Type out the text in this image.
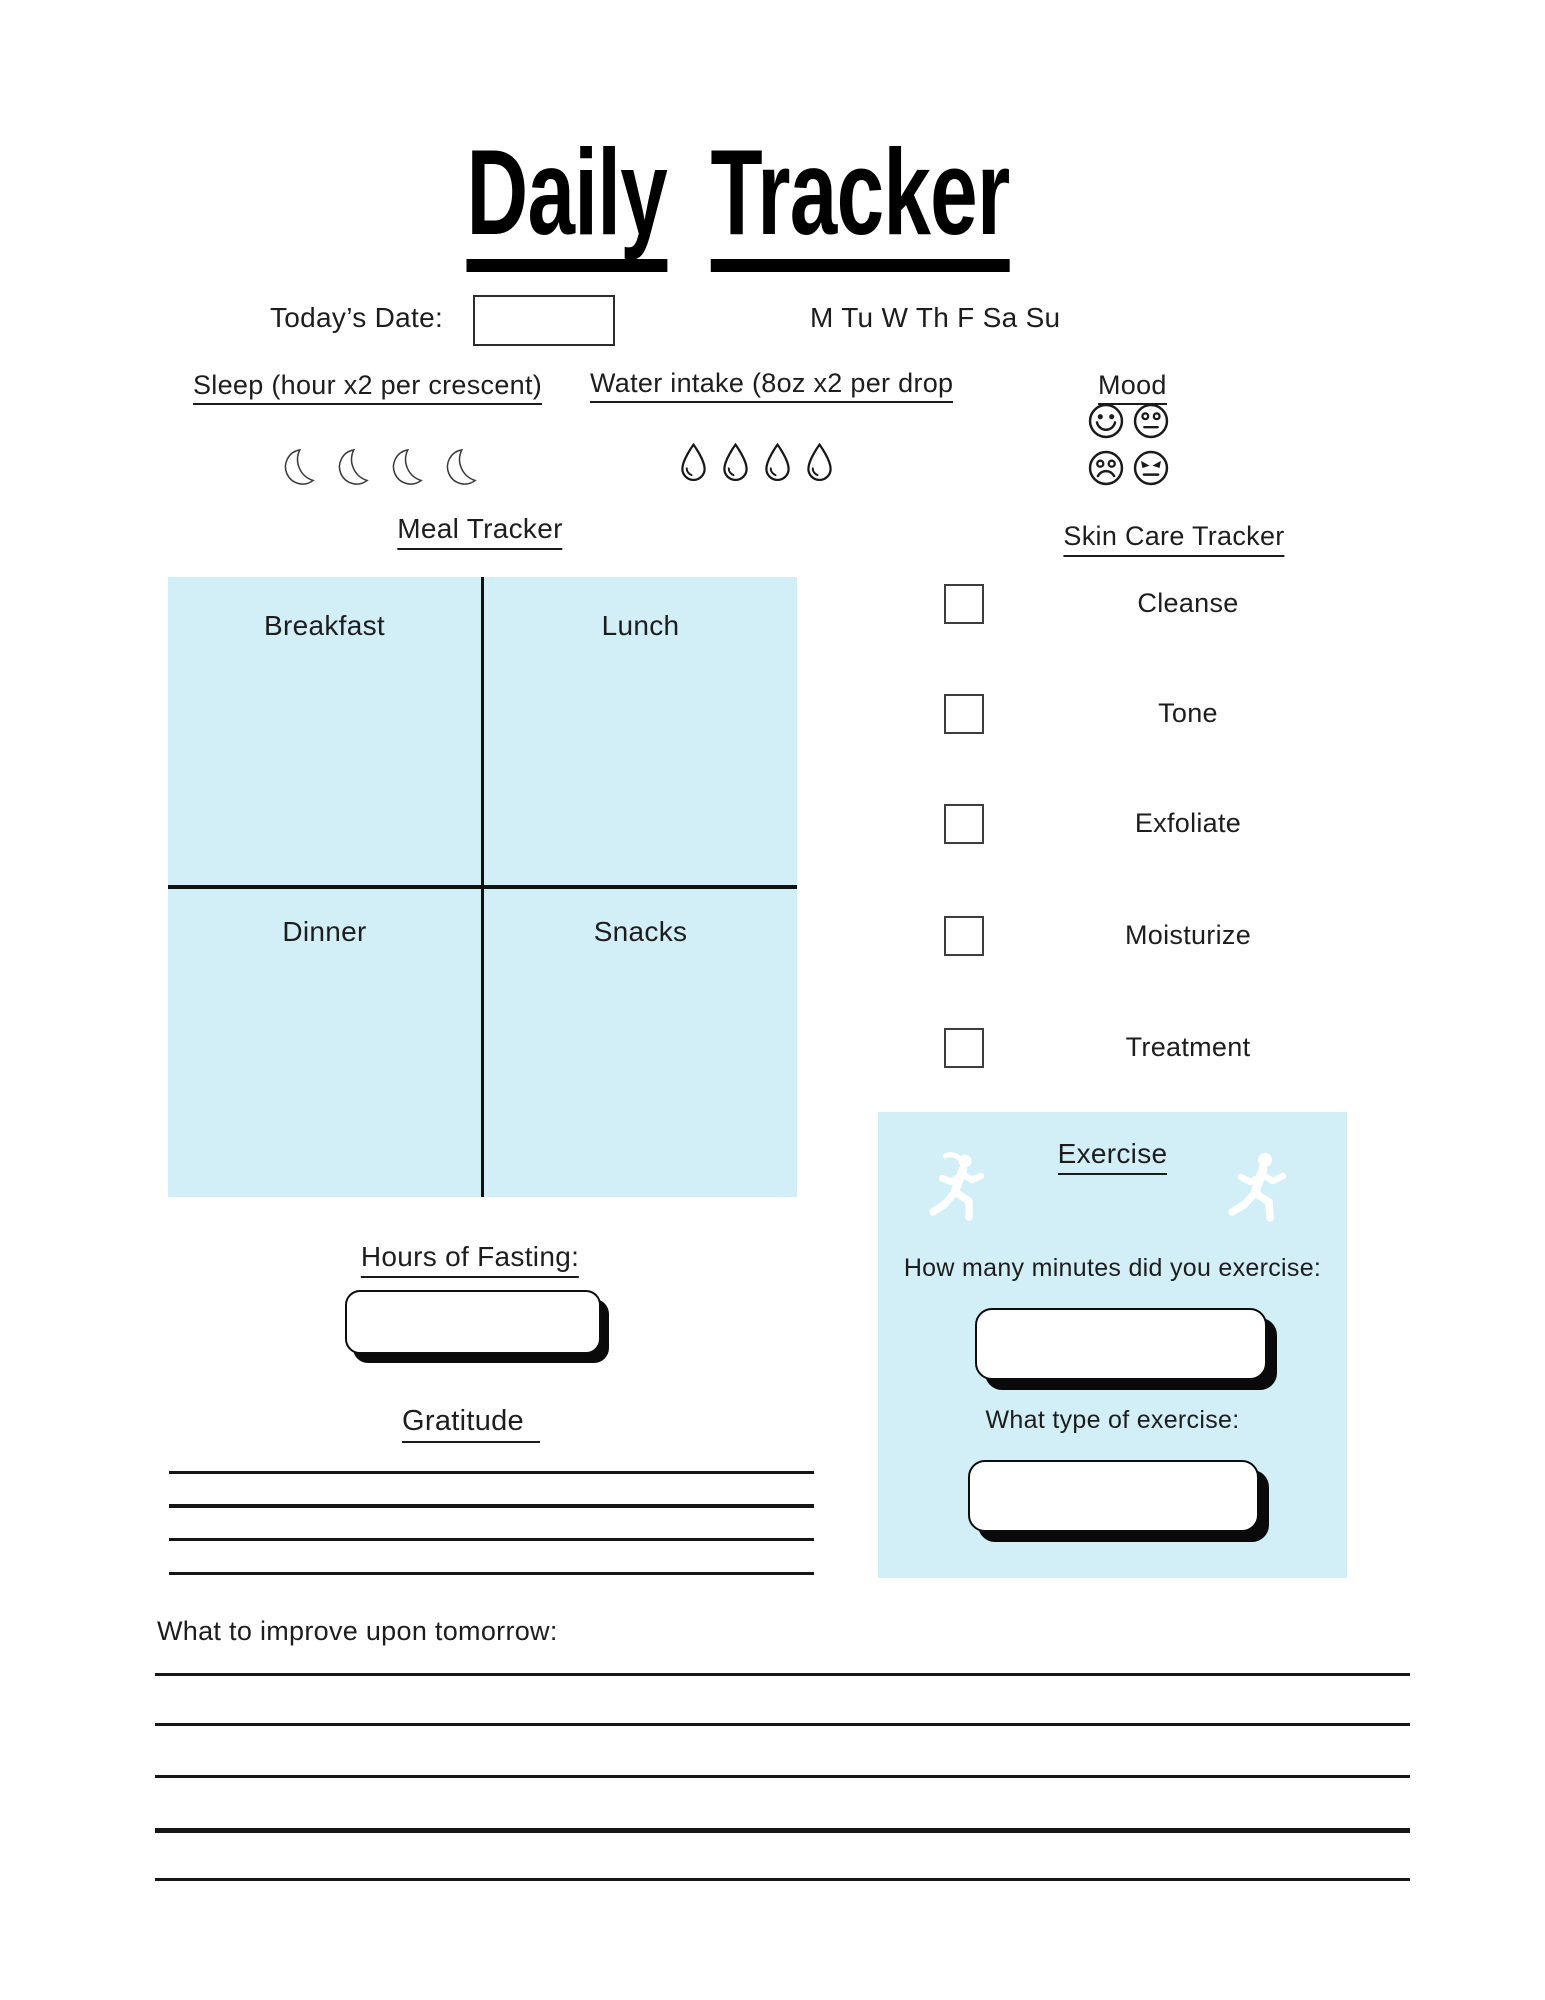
Daily Tracker
Today’s Date:	M Tu W Th F Sa Su
Sleep (hour x2 per crescent) Water intake (8oz x2 per drop	Mood
Meal Tracker
Breakfast	Lunch
Dinner	Snacks
Skin Care Tracker
Cleanse
Tone
Exfoliate
Moisturize
Treatment
Hours of Fasting:
Gratitude
Exercise
How many minutes did you exercise:
What type of exercise:
What to improve upon tomorrow:
